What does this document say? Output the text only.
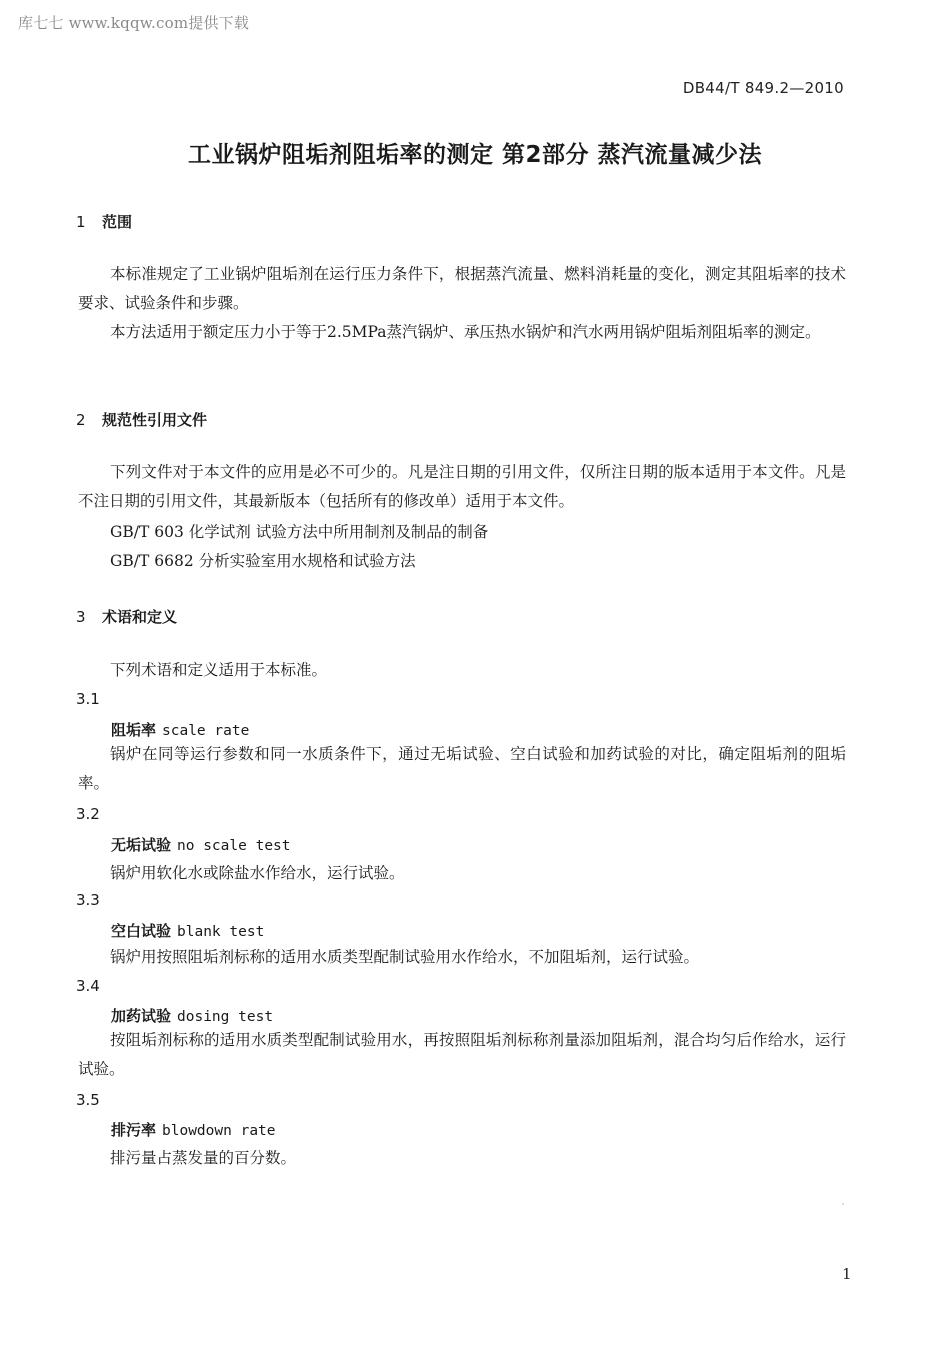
库七七 www.kqqw.com提供下载
DB44/T 849.2—2010
工业锅炉阻垢剂阻垢率的测定 第2部分 蒸汽流量减少法
1 范围
本标准规定了工业锅炉阻垢剂在运行压力条件下，根据蒸汽流量、燃料消耗量的变化，测定其阻垢率的技术要求、试验条件和步骤。
本方法适用于额定压力小于等于2.5MPa蒸汽锅炉、承压热水锅炉和汽水两用锅炉阻垢剂阻垢率的测定。
2 规范性引用文件
下列文件对于本文件的应用是必不可少的。凡是注日期的引用文件，仅所注日期的版本适用于本文件。凡是不注日期的引用文件，其最新版本（包括所有的修改单）适用于本文件。
GB/T 603 化学试剂 试验方法中所用制剂及制品的制备
GB/T 6682 分析实验室用水规格和试验方法
3 术语和定义
下列术语和定义适用于本标准。
3.1
阻垢率 scale rate
锅炉在同等运行参数和同一水质条件下，通过无垢试验、空白试验和加药试验的对比，确定阻垢剂的阻垢率。
3.2
无垢试验 no scale test
锅炉用软化水或除盐水作给水，运行试验。
3.3
空白试验 blank test
锅炉用按照阻垢剂标称的适用水质类型配制试验用水作给水，不加阻垢剂，运行试验。
3.4
加药试验 dosing test
按阻垢剂标称的适用水质类型配制试验用水，再按照阻垢剂标称剂量添加阻垢剂，混合均匀后作给水，运行试验。
3.5
排污率 blowdown rate
排污量占蒸发量的百分数。
1
